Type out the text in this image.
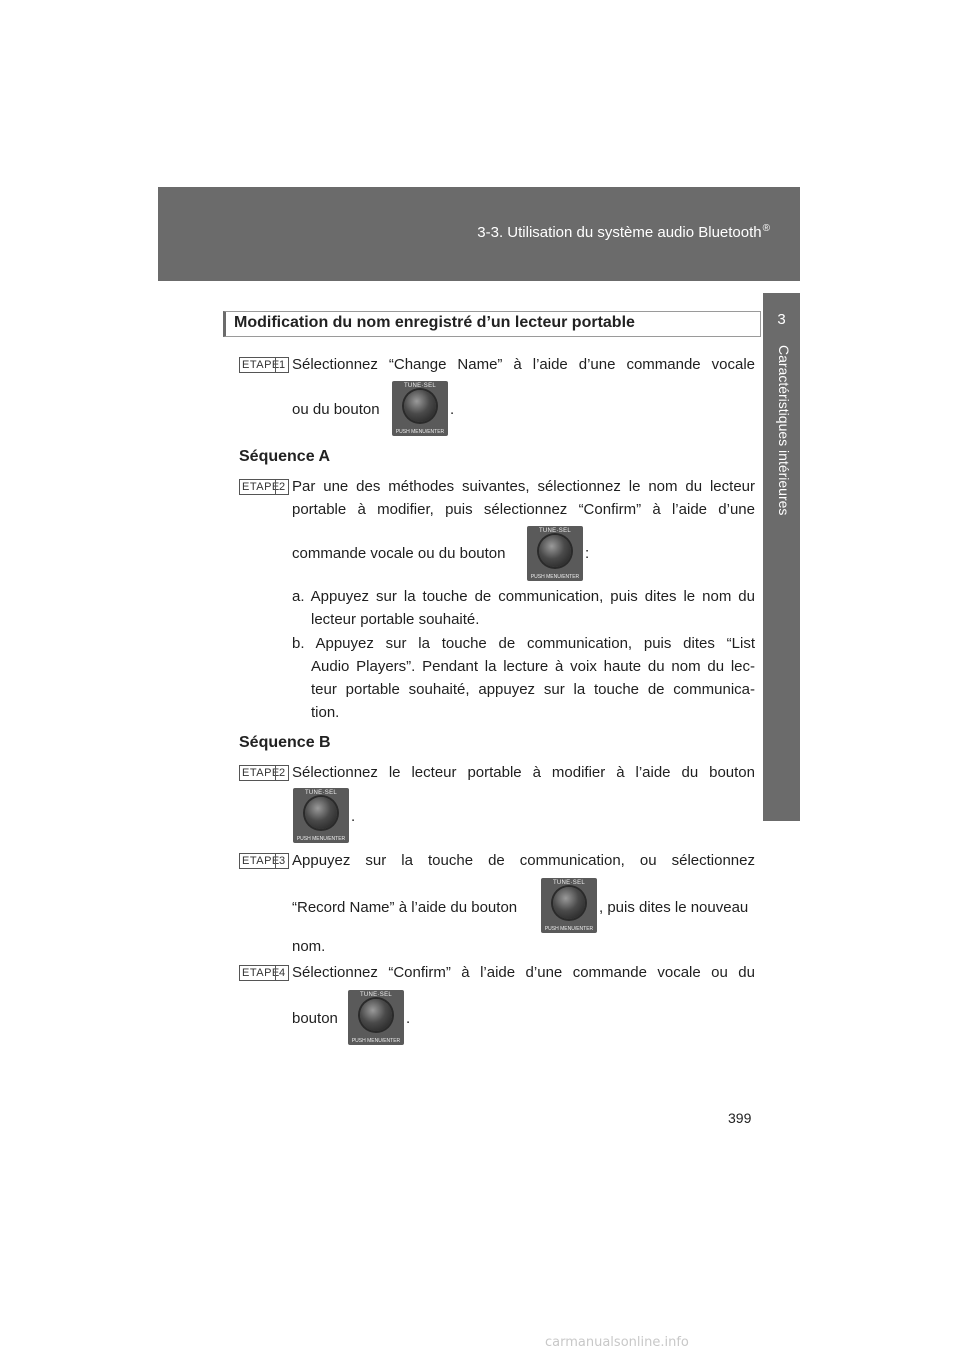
3-3. Utilisation du système audio Bluetooth®
3
Caractéristiques intérieures
Modification du nom enregistré d’un lecteur portable
ETAPE 1 Sélectionnez “Change Name” à l’aide d’une commande vocale
ou du bouton
TUNE·SEL
PUSH MENU/ENTER
.
Séquence A
ETAPE 2 Par une des méthodes suivantes, sélectionnez le nom du lecteur
portable à modifier, puis sélectionnez “Confirm” à l’aide d’une
commande vocale ou du bouton
TUNE·SEL
PUSH MENU/ENTER
:
a. Appuyez sur la touche de communication, puis dites le nom du
lecteur portable souhaité.
b. Appuyez sur la touche de communication, puis dites “List
Audio Players”. Pendant la lecture à voix haute du nom du lec-
teur portable souhaité, appuyez sur la touche de communica-
tion.
Séquence B
ETAPE 2 Sélectionnez le lecteur portable à modifier à l’aide du bouton
TUNE·SEL
PUSH MENU/ENTER
.
ETAPE 3 Appuyez sur la touche de communication, ou sélectionnez
“Record Name” à l’aide du bouton
TUNE·SEL
PUSH MENU/ENTER
, puis dites le nouveau
nom.
ETAPE 4 Sélectionnez “Confirm” à l’aide d’une commande vocale ou du
bouton
TUNE·SEL
PUSH MENU/ENTER
.
399
carmanualsonline.info
